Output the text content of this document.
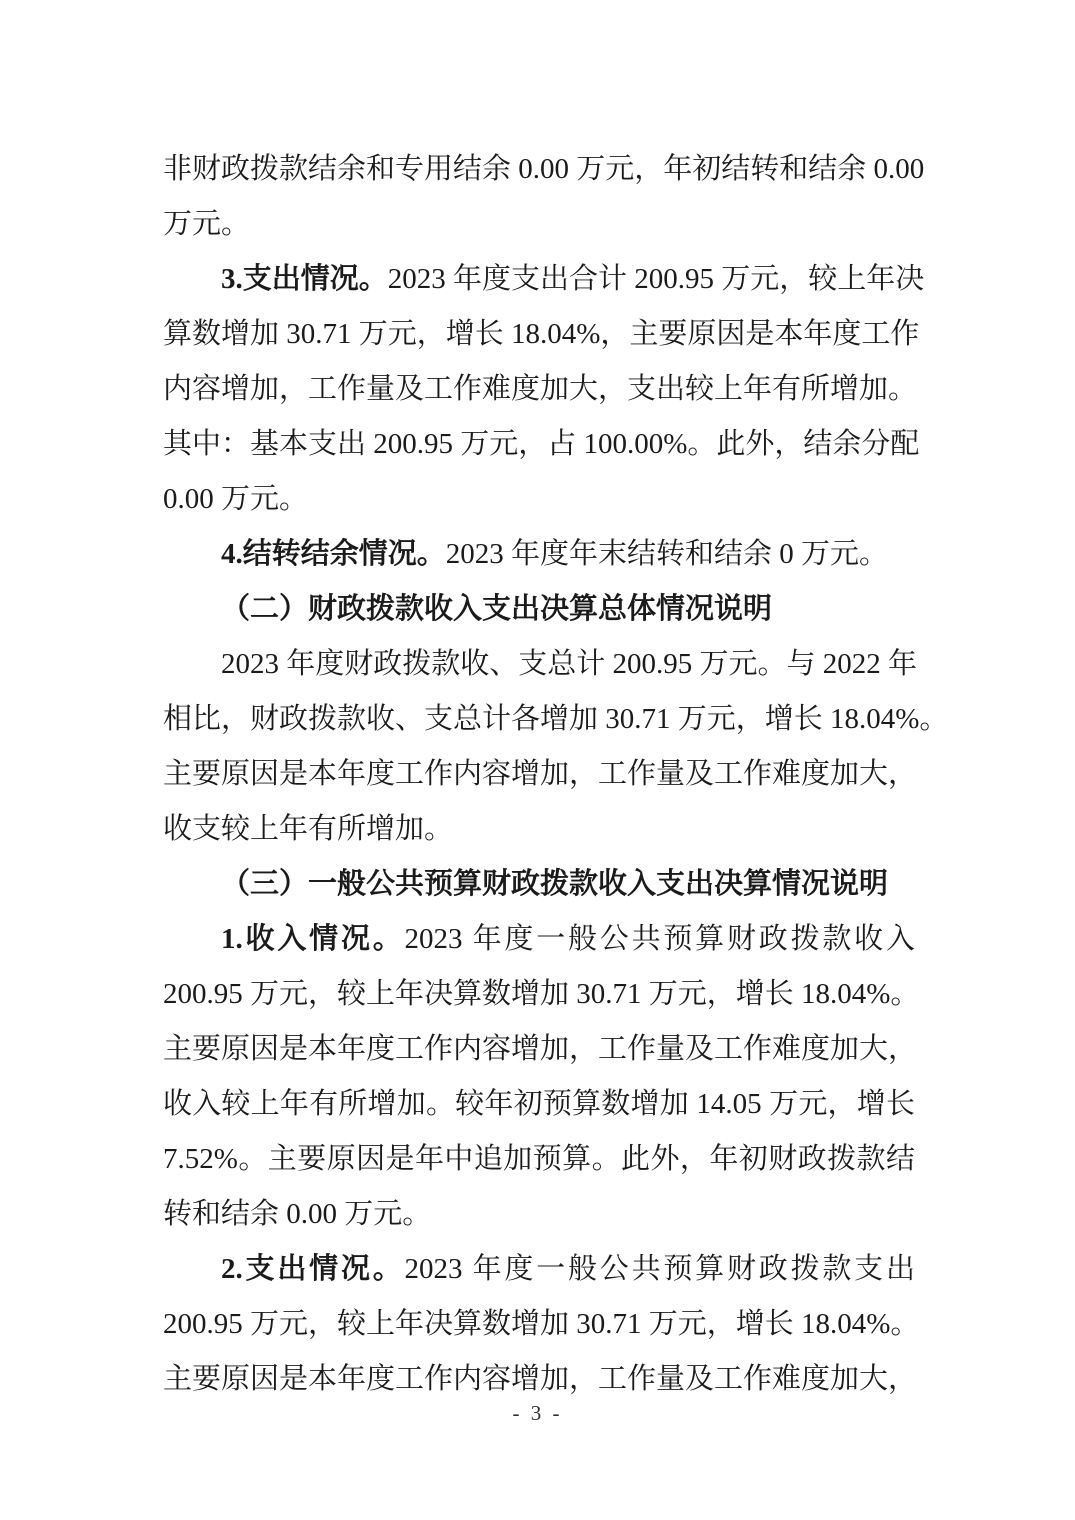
非财政拨款结余和专用结余 0.00 万元，年初结转和结余 0.00
万元。
3.支出情况。2023 年度支出合计 200.95 万元，较上年决
算数增加 30.71 万元，增长 18.04%，主要原因是本年度工作
内容增加，工作量及工作难度加大，支出较上年有所增加。
其中：基本支出 200.95 万元，占 100.00%。此外，结余分配
0.00 万元。
4.结转结余情况。2023 年度年末结转和结余 0 万元。
（二）财政拨款收入支出决算总体情况说明
2023 年度财政拨款收、支总计 200.95 万元。与 2022 年
相比，财政拨款收、支总计各增加 30.71 万元，增长 18.04%。
主要原因是本年度工作内容增加，工作量及工作难度加大，
收支较上年有所增加。
（三）一般公共预算财政拨款收入支出决算情况说明
1.收入情况。2023 年度一般公共预算财政拨款收入
200.95 万元，较上年决算数增加 30.71 万元，增长 18.04%。
主要原因是本年度工作内容增加，工作量及工作难度加大，
收入较上年有所增加。较年初预算数增加 14.05 万元，增长
7.52%。主要原因是年中追加预算。此外，年初财政拨款结
转和结余 0.00 万元。
2.支出情况。2023 年度一般公共预算财政拨款支出
200.95 万元，较上年决算数增加 30.71 万元，增长 18.04%。
主要原因是本年度工作内容增加，工作量及工作难度加大，
- 3 -
